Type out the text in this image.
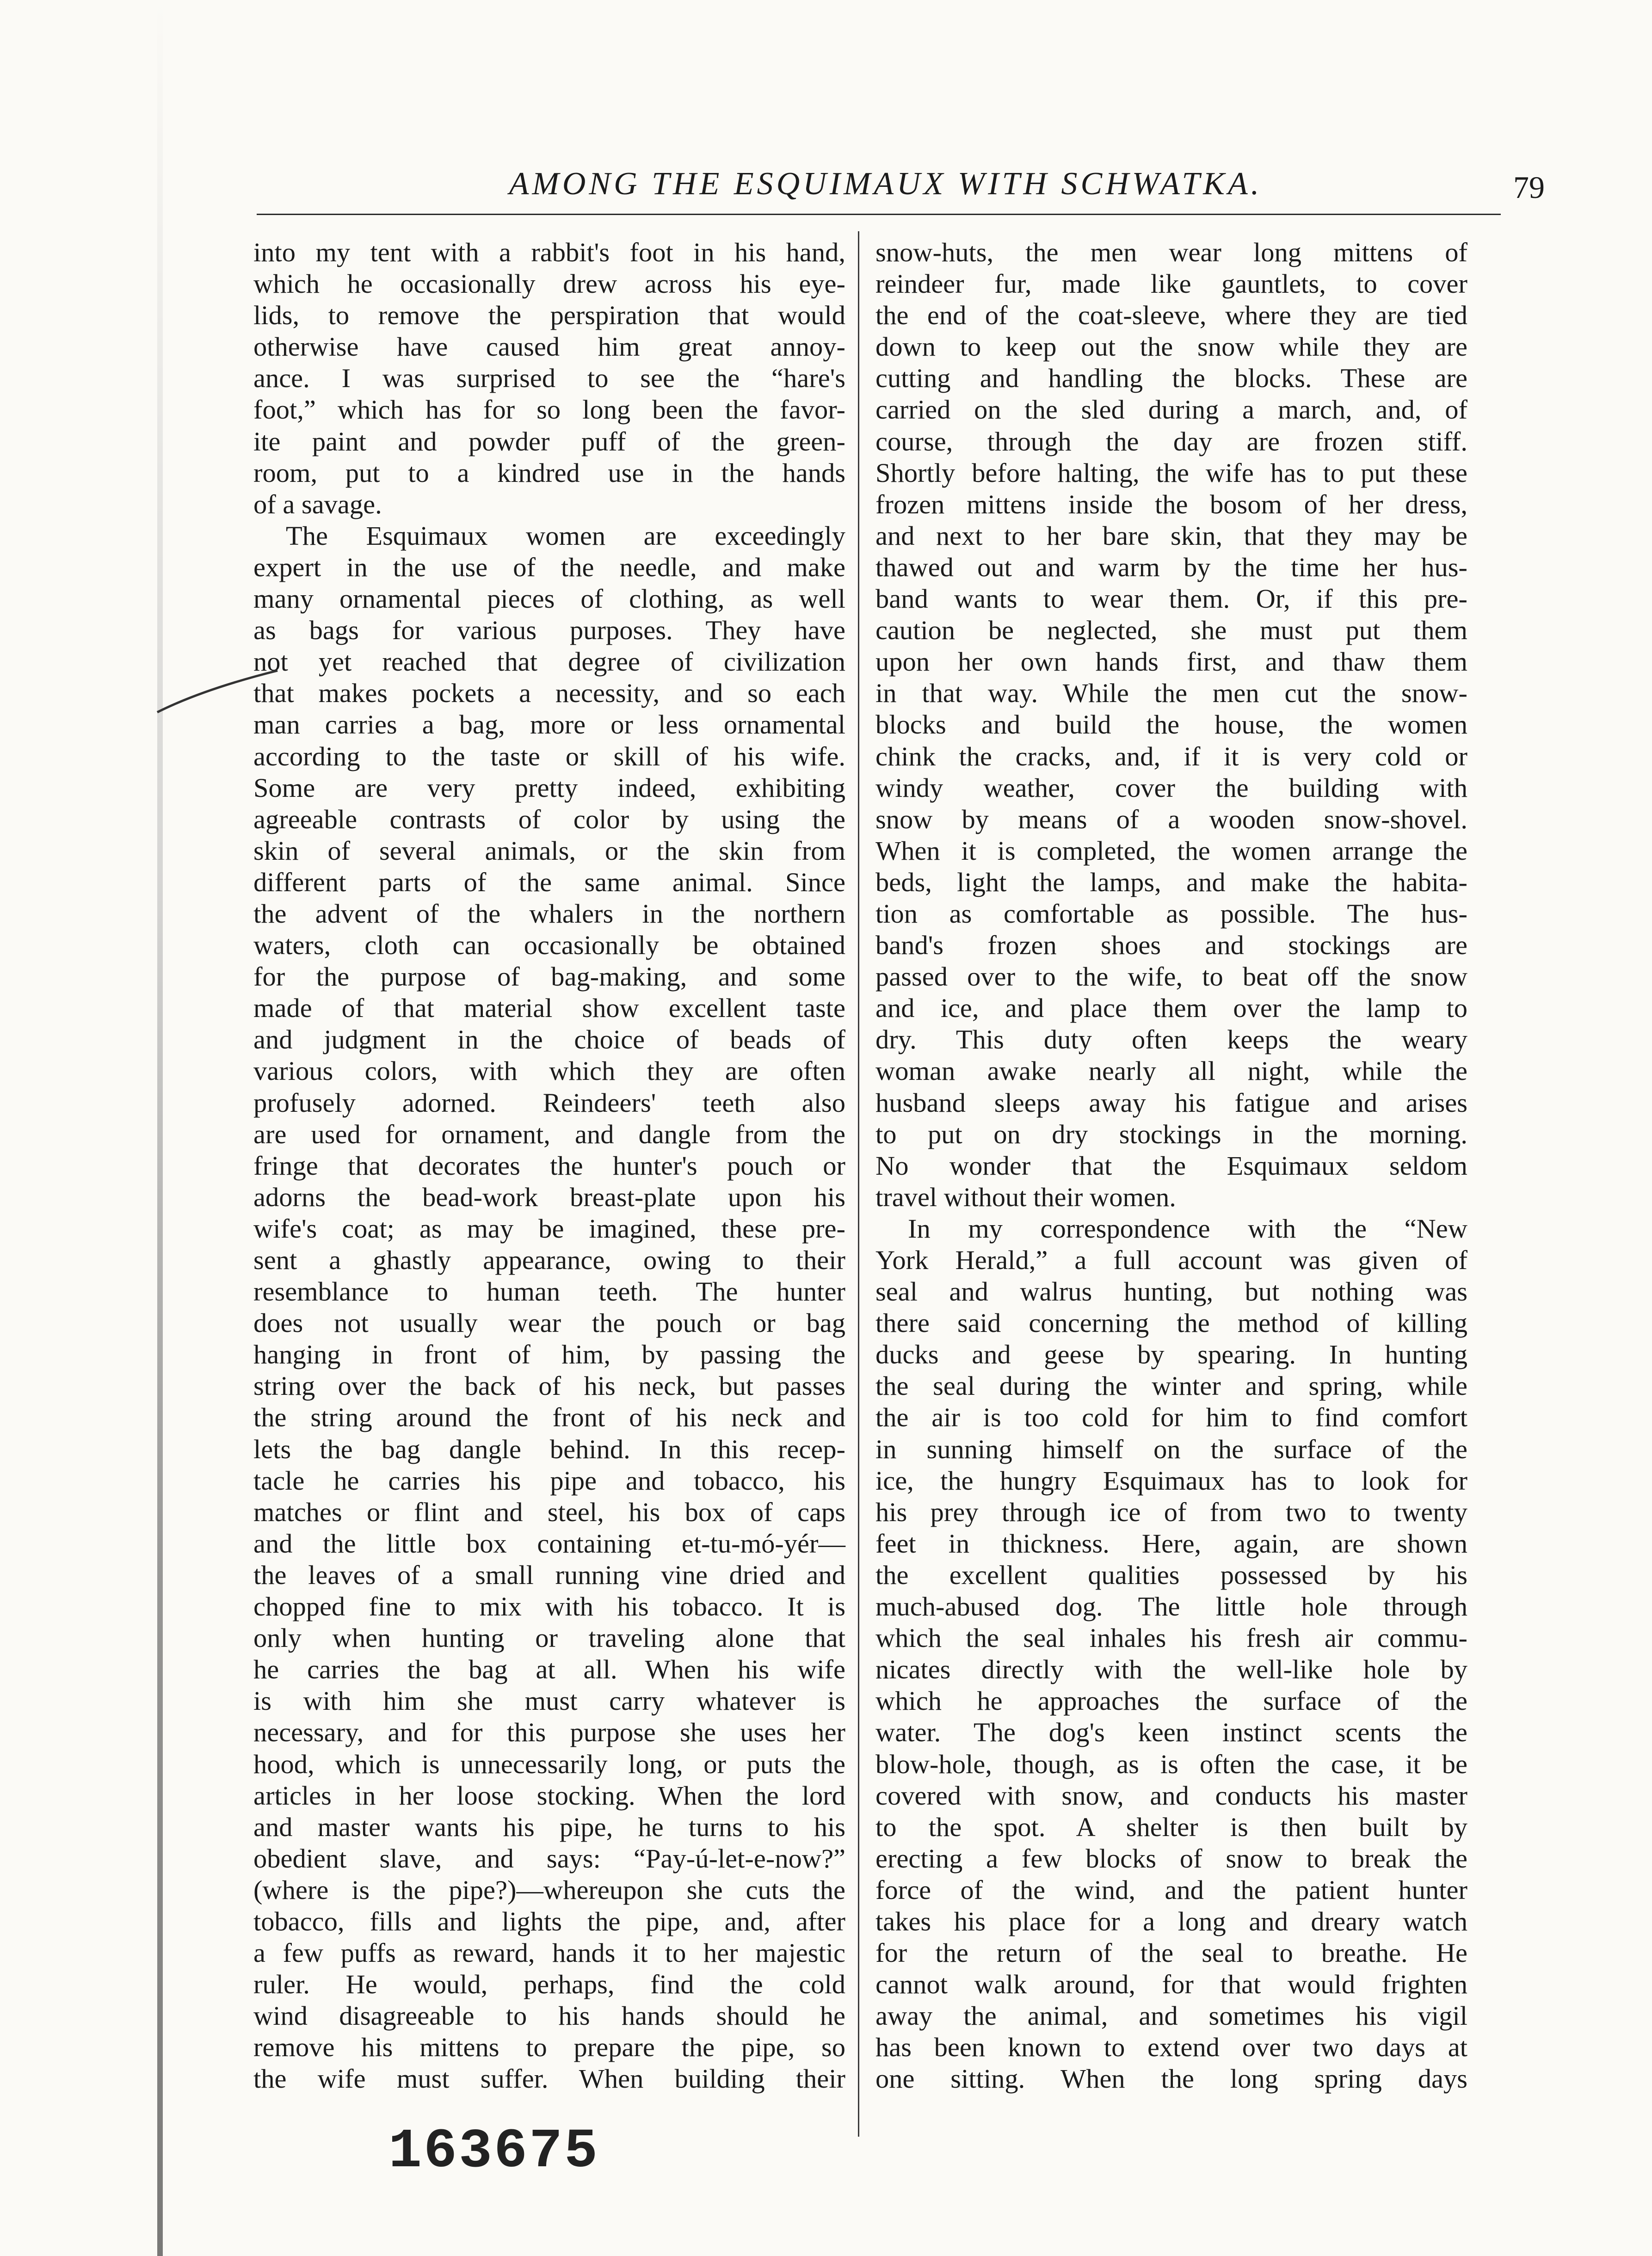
AMONG THE ESQUIMAUX WITH SCHWATKA.	79
into my tent with a rabbit's foot in his hand,
which he occasionally drew across his eye-
lids, to remove the perspiration that would
otherwise have caused him great annoy-
ance. I was surprised to see the “hare's
foot,” which has for so long been the favor-
ite paint and powder puff of the green-
room, put to a kindred use in the hands
of a savage.
The Esquimaux women are exceedingly
expert in the use of the needle, and make
many ornamental pieces of clothing, as well
as bags for various purposes. They have
not yet reached that degree of civilization
that makes pockets a necessity, and so each
man carries a bag, more or less ornamental
according to the taste or skill of his wife.
Some are very pretty indeed, exhibiting
agreeable contrasts of color by using the
skin of several animals, or the skin from
different parts of the same animal. Since
the advent of the whalers in the northern
waters, cloth can occasionally be obtained
for the purpose of bag-making, and some
made of that material show excellent taste
and judgment in the choice of beads of
various colors, with which they are often
profusely adorned. Reindeers' teeth also
are used for ornament, and dangle from the
fringe that decorates the hunter's pouch or
adorns the bead-work breast-plate upon his
wife's coat; as may be imagined, these pre-
sent a ghastly appearance, owing to their
resemblance to human teeth. The hunter
does not usually wear the pouch or bag
hanging in front of him, by passing the
string over the back of his neck, but passes
the string around the front of his neck and
lets the bag dangle behind. In this recep-
tacle he carries his pipe and tobacco, his
matches or flint and steel, his box of caps
and the little box containing et-tu-mó-yér—
the leaves of a small running vine dried and
chopped fine to mix with his tobacco. It is
only when hunting or traveling alone that
he carries the bag at all. When his wife
is with him she must carry whatever is
necessary, and for this purpose she uses her
hood, which is unnecessarily long, or puts the
articles in her loose stocking. When the lord
and master wants his pipe, he turns to his
obedient slave, and says: “Pay-ú-let-e-now?”
(where is the pipe?)—whereupon she cuts the
tobacco, fills and lights the pipe, and, after
a few puffs as reward, hands it to her majestic
ruler. He would, perhaps, find the cold
wind disagreeable to his hands should he
remove his mittens to prepare the pipe, so
the wife must suffer. When building their
snow-huts, the men wear long mittens of
reindeer fur, made like gauntlets, to cover
the end of the coat-sleeve, where they are tied
down to keep out the snow while they are
cutting and handling the blocks. These are
carried on the sled during a march, and, of
course, through the day are frozen stiff.
Shortly before halting, the wife has to put these
frozen mittens inside the bosom of her dress,
and next to her bare skin, that they may be
thawed out and warm by the time her hus-
band wants to wear them. Or, if this pre-
caution be neglected, she must put them
upon her own hands first, and thaw them
in that way. While the men cut the snow-
blocks and build the house, the women
chink the cracks, and, if it is very cold or
windy weather, cover the building with
snow by means of a wooden snow-shovel.
When it is completed, the women arrange the
beds, light the lamps, and make the habita-
tion as comfortable as possible. The hus-
band's frozen shoes and stockings are
passed over to the wife, to beat off the snow
and ice, and place them over the lamp to
dry. This duty often keeps the weary
woman awake nearly all night, while the
husband sleeps away his fatigue and arises
to put on dry stockings in the morning.
No wonder that the Esquimaux seldom
travel without their women.
In my correspondence with the “New
York Herald,” a full account was given of
seal and walrus hunting, but nothing was
there said concerning the method of killing
ducks and geese by spearing. In hunting
the seal during the winter and spring, while
the air is too cold for him to find comfort
in sunning himself on the surface of the
ice, the hungry Esquimaux has to look for
his prey through ice of from two to twenty
feet in thickness. Here, again, are shown
the excellent qualities possessed by his
much-abused dog. The little hole through
which the seal inhales his fresh air commu-
nicates directly with the well-like hole by
which he approaches the surface of the
water. The dog's keen instinct scents the
blow-hole, though, as is often the case, it be
covered with snow, and conducts his master
to the spot. A shelter is then built by
erecting a few blocks of snow to break the
force of the wind, and the patient hunter
takes his place for a long and dreary watch
for the return of the seal to breathe. He
cannot walk around, for that would frighten
away the animal, and sometimes his vigil
has been known to extend over two days at
one sitting. When the long spring days
163675
